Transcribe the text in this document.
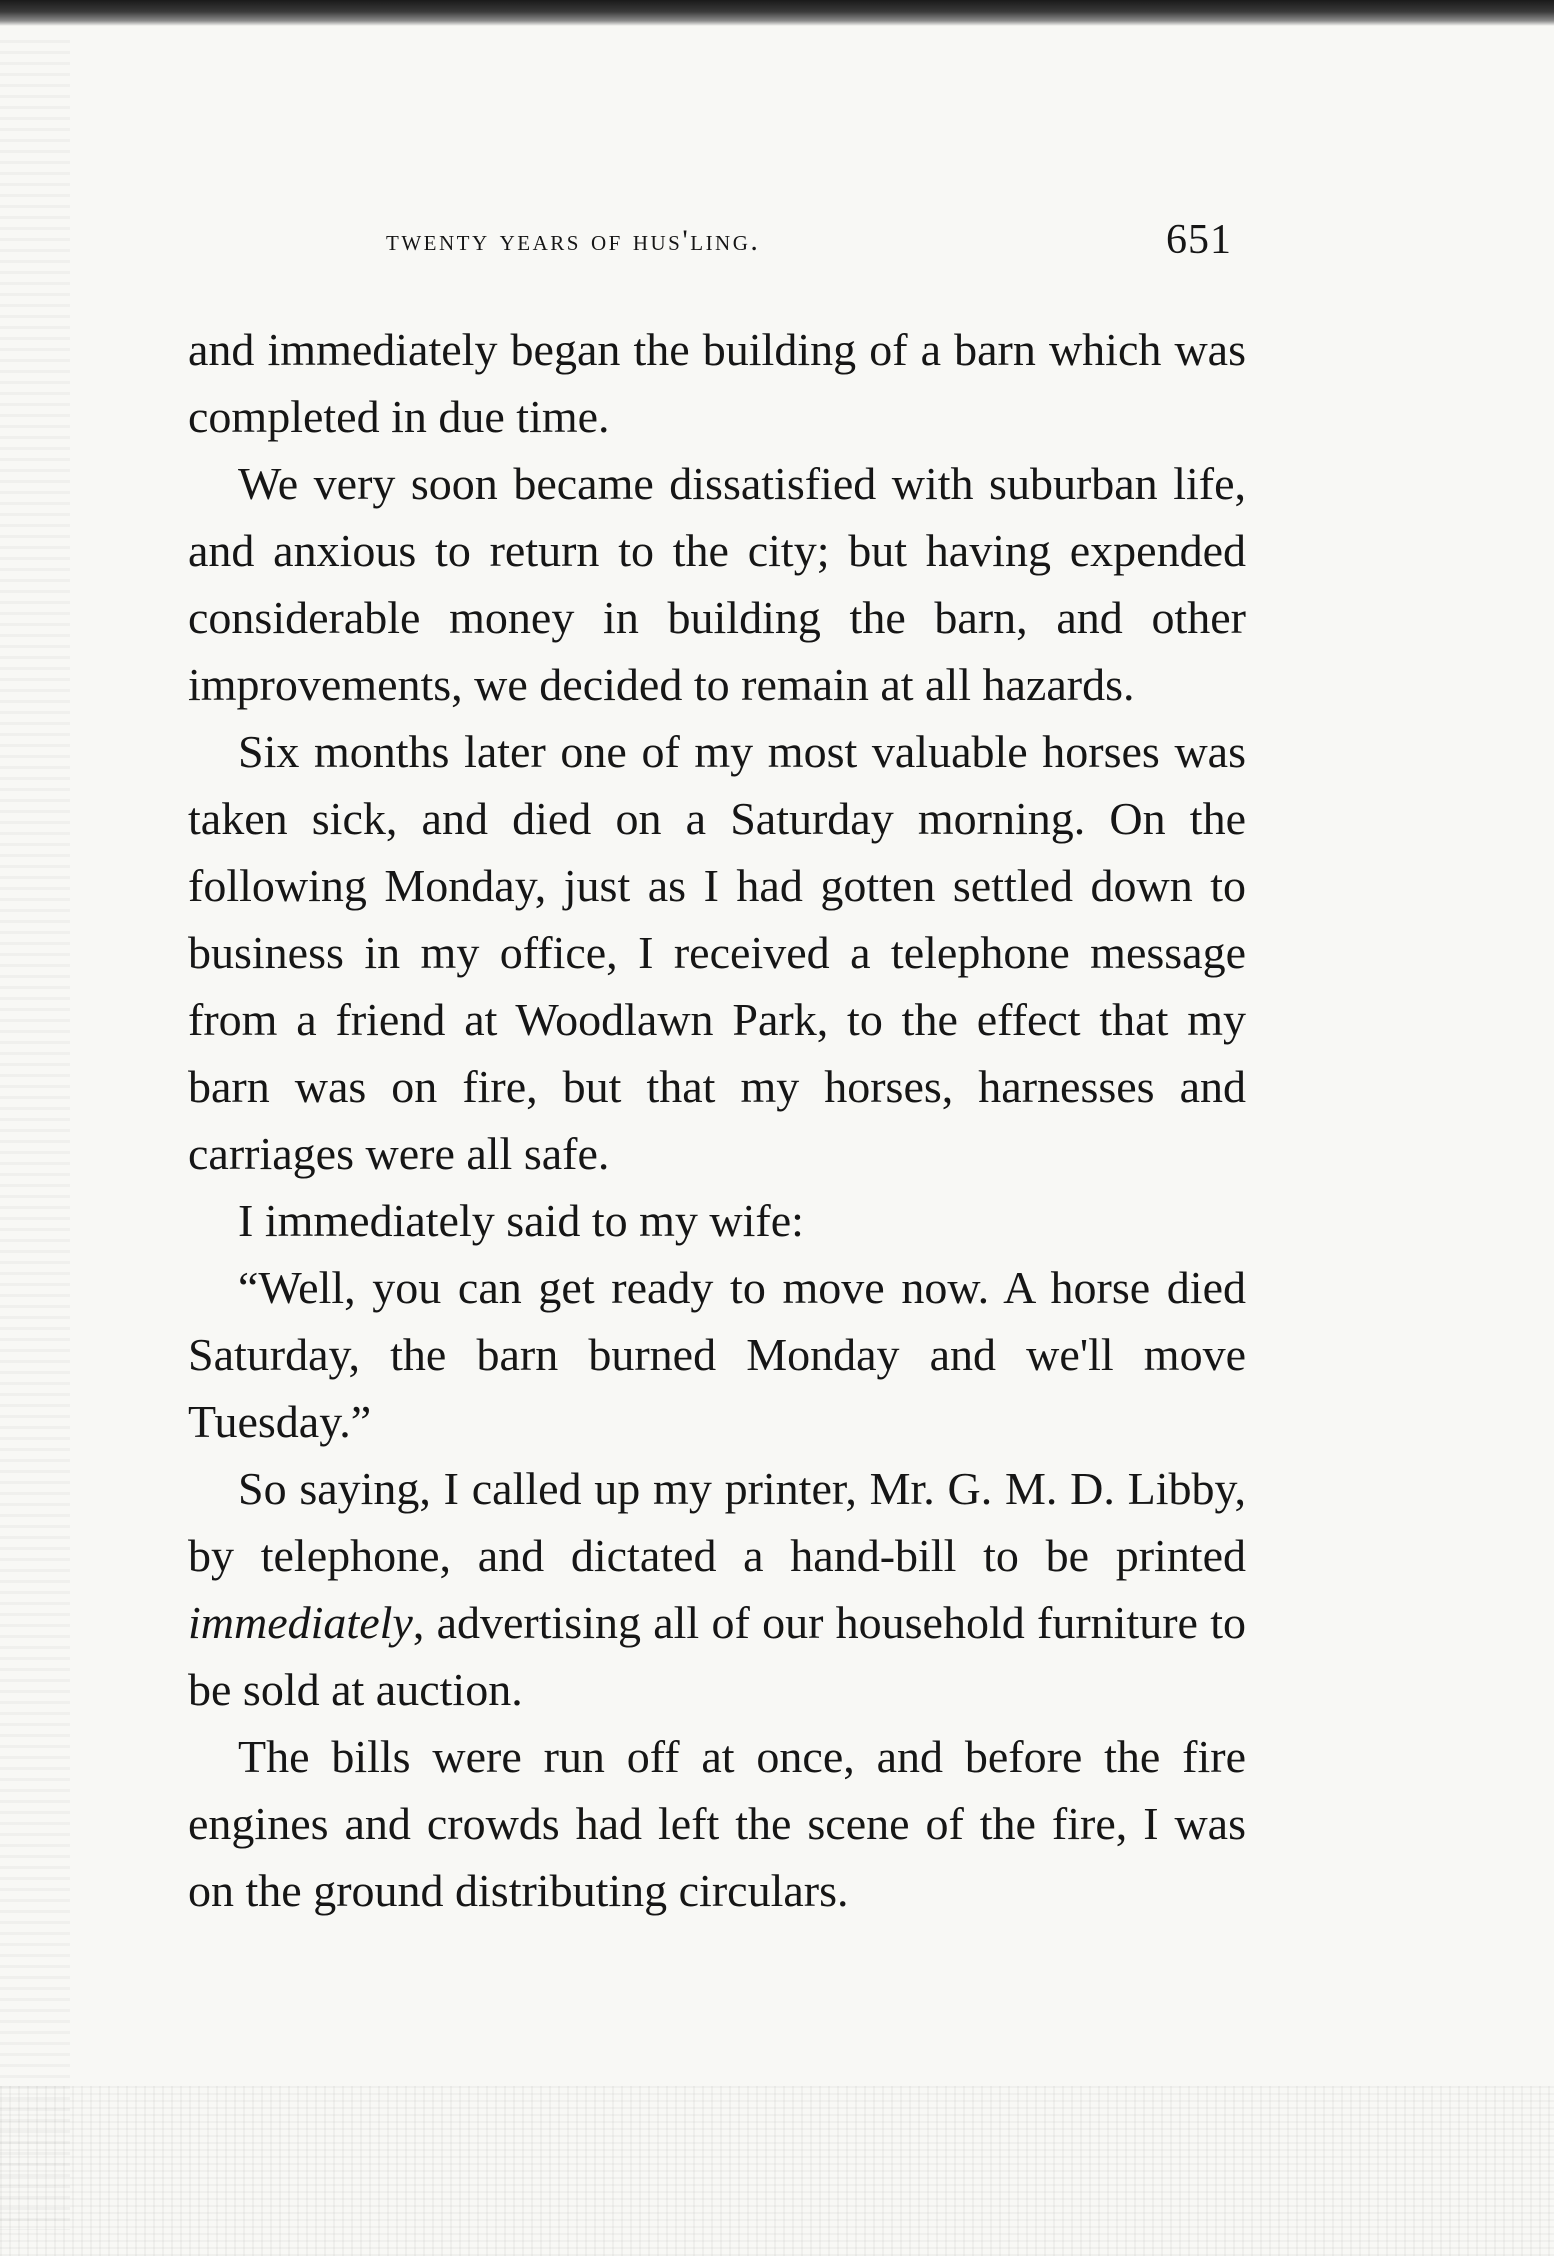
twenty years of hus'ling.	651

and immediately began the building of a barn which was completed in due time.

We very soon became dissatisfied with suburban life, and anxious to return to the city; but having expended considerable money in building the barn, and other improvements, we decided to remain at all hazards.

Six months later one of my most valuable horses was taken sick, and died on a Saturday morning. On the following Monday, just as I had gotten settled down to business in my office, I received a telephone message from a friend at Woodlawn Park, to the effect that my barn was on fire, but that my horses, harnesses and carriages were all safe.

I immediately said to my wife:

“Well, you can get ready to move now. A horse died Saturday, the barn burned Monday and we'll move Tuesday.”

So saying, I called up my printer, Mr. G. M. D. Libby, by telephone, and dictated a hand-bill to be printed immediately, advertising all of our household furniture to be sold at auction.

The bills were run off at once, and before the fire engines and crowds had left the scene of the fire, I was on the ground distributing circulars.
